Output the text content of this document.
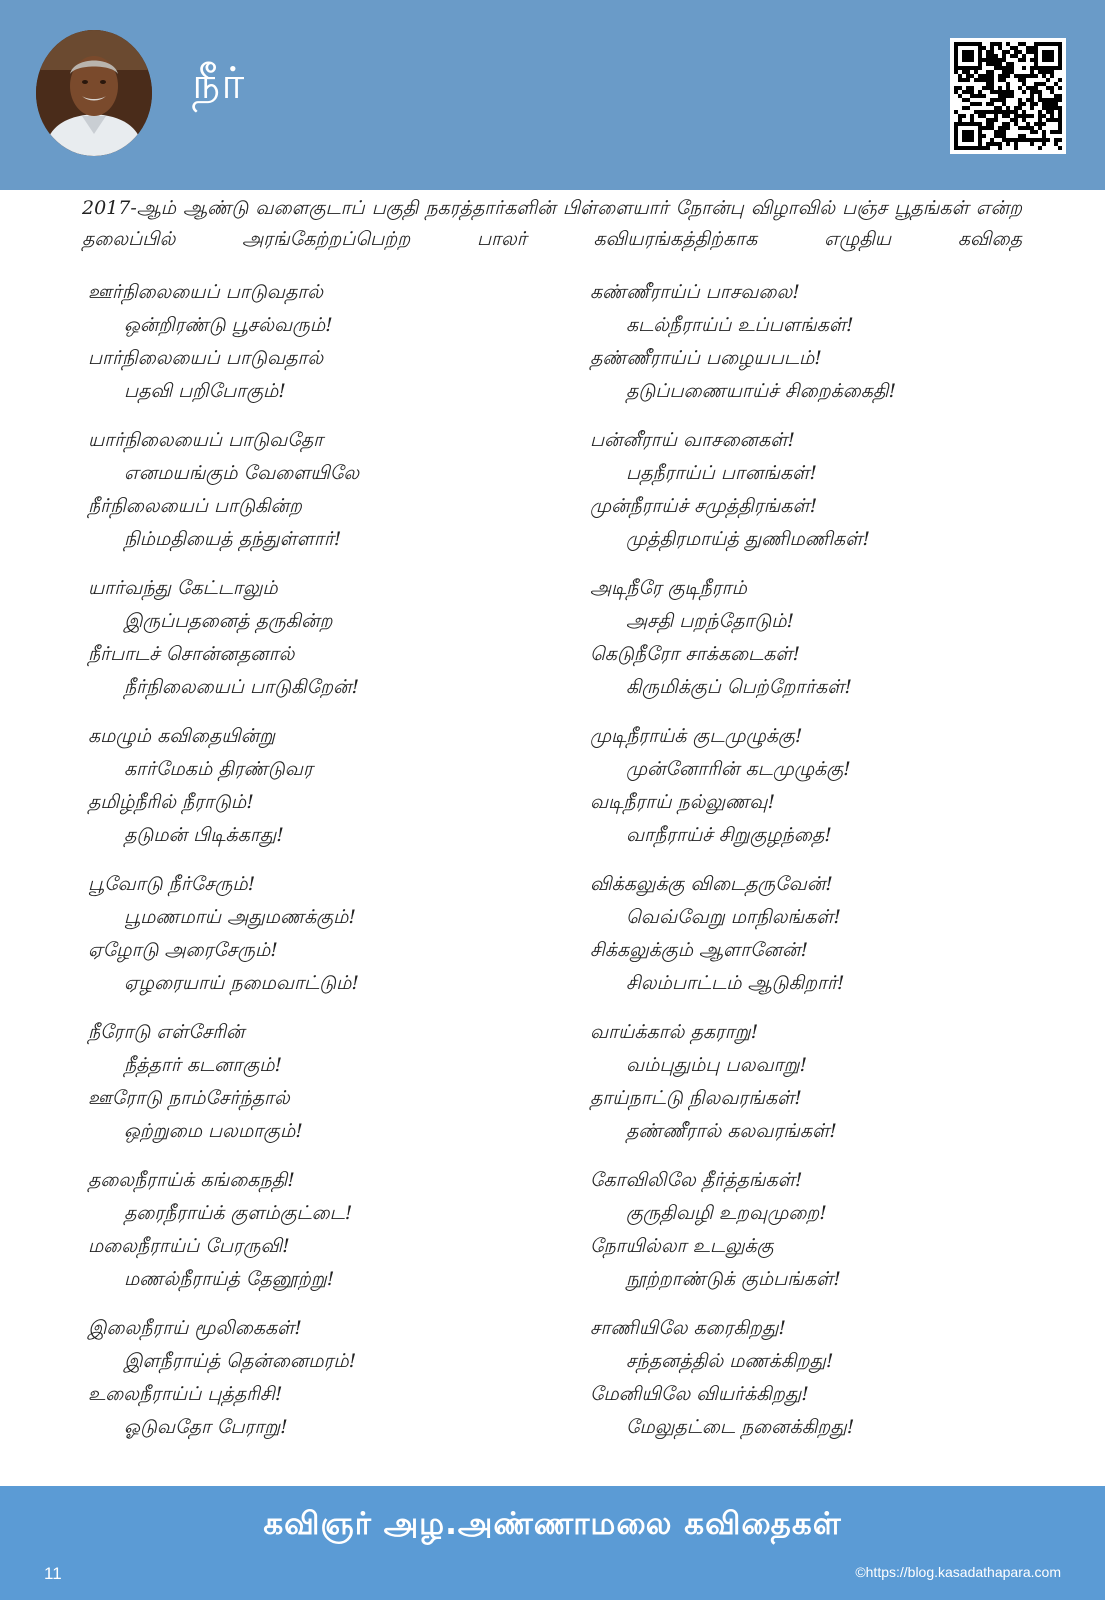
நீர்
2017-ஆம் ஆண்டு வளைகுடாப் பகுதி நகரத்தார்களின் பிள்ளையார் நோன்பு விழாவில் பஞ்ச பூதங்கள் என்ற தலைப்பில் அரங்கேற்றப்பெற்ற பாலர் கவியரங்கத்திற்காக எழுதிய கவிதை
ஊர்நிலையைப் பாடுவதால்
ஒன்றிரண்டு பூசல்வரும்!
பார்நிலையைப் பாடுவதால்
பதவி பறிபோகும்!
யார்நிலையைப் பாடுவதோ
எனமயங்கும் வேளையிலே
நீர்நிலையைப் பாடுகின்ற
நிம்மதியைத் தந்துள்ளார்!
யார்வந்து கேட்டாலும்
இருப்பதனைத் தருகின்ற
நீர்பாடச் சொன்னதனால்
நீர்நிலையைப் பாடுகிறேன்!
கமழும் கவிதையின்று
கார்மேகம் திரண்டுவர
தமிழ்நீரில் நீராடும்!
தடுமன் பிடிக்காது!
பூவோடு நீர்சேரும்!
பூமணமாய் அதுமணக்கும்!
ஏழோடு அரைசேரும்!
ஏழரையாய் நமைவாட்டும்!
நீரோடு எள்சேரின்
நீத்தார் கடனாகும்!
ஊரோடு நாம்சேர்ந்தால்
ஒற்றுமை பலமாகும்!
தலைநீராய்க் கங்கைநதி!
தரைநீராய்க் குளம்குட்டை!
மலைநீராய்ப் பேரருவி!
மணல்நீராய்த் தேனூற்று!
இலைநீராய் மூலிகைகள்!
இளநீராய்த் தென்னைமரம்!
உலைநீராய்ப் புத்தரிசி!
ஓடுவதோ பேராறு!
கண்ணீராய்ப் பாசவலை!
கடல்நீராய்ப் உப்பளங்கள்!
தண்ணீராய்ப் பழையபடம்!
தடுப்பணையாய்ச் சிறைக்கைதி!
பன்னீராய் வாசனைகள்!
பதநீராய்ப் பானங்கள்!
முன்நீராய்ச் சமுத்திரங்கள்!
முத்திரமாய்த் துணிமணிகள்!
அடிநீரே குடிநீராம்
அசதி பறந்தோடும்!
கெடுநீரோ சாக்கடைகள்!
கிருமிக்குப் பெற்றோர்கள்!
முடிநீராய்க் குடமுழுக்கு!
முன்னோரின் கடமுழுக்கு!
வடிநீராய் நல்லுணவு!
வாநீராய்ச் சிறுகுழந்தை!
விக்கலுக்கு விடைதருவேன்!
வெவ்வேறு மாநிலங்கள்!
சிக்கலுக்கும் ஆளானேன்!
சிலம்பாட்டம் ஆடுகிறார்!
வாய்க்கால் தகராறு!
வம்புதும்பு பலவாறு!
தாய்நாட்டு நிலவரங்கள்!
தண்ணீரால் கலவரங்கள்!
கோவிலிலே தீர்த்தங்கள்!
குருதிவழி உறவுமுறை!
நோயில்லா உடலுக்கு
நூற்றாண்டுக் கும்பங்கள்!
சாணியிலே கரைகிறது!
சந்தனத்தில் மணக்கிறது!
மேனியிலே வியர்க்கிறது!
மேலுதட்டை நனைக்கிறது!
கவிஞர் அழ.அண்ணாமலை கவிதைகள்
11	©https://blog.kasadathapara.com
